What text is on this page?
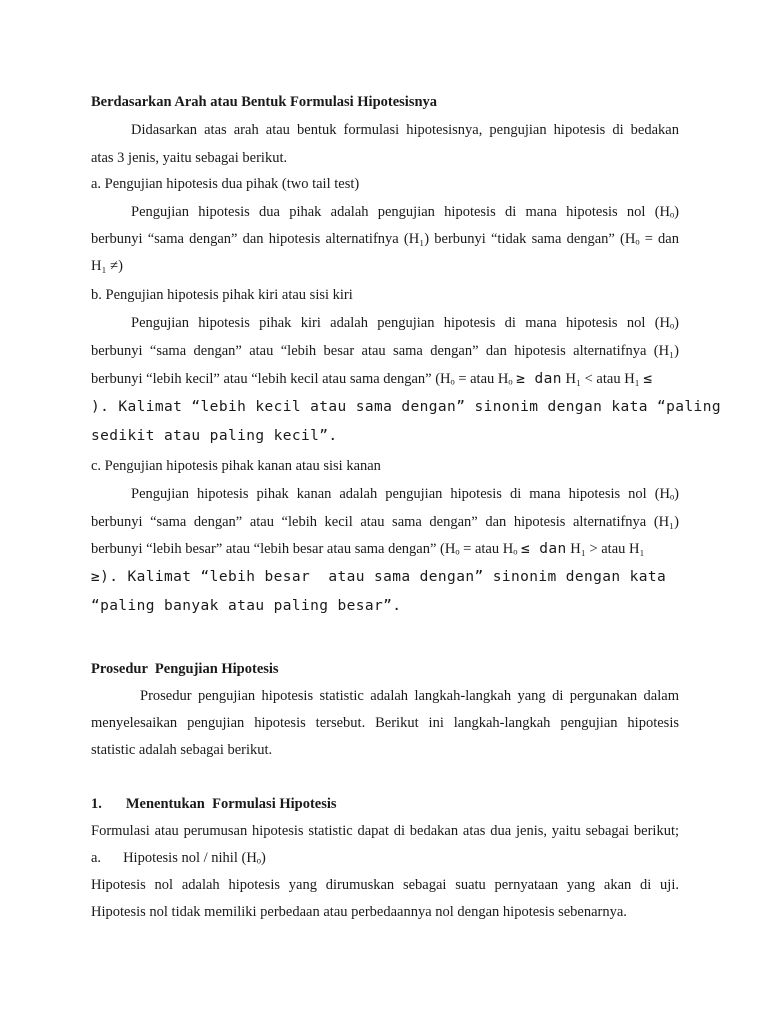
Berdasarkan Arah atau Bentuk Formulasi Hipotesisnya
Didasarkan atas arah atau bentuk formulasi hipotesisnya, pengujian hipotesis di bedakan
atas 3 jenis, yaitu sebagai berikut.
a. Pengujian hipotesis dua pihak (two tail test)
Pengujian hipotesis dua pihak adalah pengujian hipotesis di mana hipotesis nol (Hₒ)
berbunyi “sama dengan” dan hipotesis alternatifnya (H₁) berbunyi “tidak sama dengan” (Hₒ = dan
H₁ ≠)
b. Pengujian hipotesis pihak kiri atau sisi kiri
Pengujian hipotesis pihak kiri adalah pengujian hipotesis di mana hipotesis nol (Hₒ)
berbunyi “sama dengan” atau “lebih besar atau sama dengan” dan hipotesis alternatifnya (H₁)
berbunyi “lebih kecil” atau “lebih kecil atau sama dengan” (Hₒ = atau Hₒ ≥ dan H₁ < atau H₁ ≤
). Kalimat “lebih kecil atau sama dengan” sinonim dengan kata “paling
sedikit atau paling kecil”.
c. Pengujian hipotesis pihak kanan atau sisi kanan
Pengujian hipotesis pihak kanan adalah pengujian hipotesis di mana hipotesis nol (Hₒ)
berbunyi “sama dengan” atau “lebih kecil atau sama dengan” dan hipotesis alternatifnya (H₁)
berbunyi “lebih besar” atau “lebih besar atau sama dengan” (Hₒ = atau Hₒ ≤ dan H₁ > atau H₁
≥). Kalimat “lebih besar  atau sama dengan” sinonim dengan kata
“paling banyak atau paling besar”.
Prosedur  Pengujian Hipotesis
Prosedur pengujian hipotesis statistic adalah langkah-langkah yang di pergunakan dalam
menyelesaikan pengujian hipotesis tersebut. Berikut ini langkah-langkah pengujian hipotesis
statistic adalah sebagai berikut.
1. Menentukan  Formulasi Hipotesis
Formulasi atau perumusan hipotesis statistic dapat di bedakan atas dua jenis, yaitu sebagai berikut;
a. Hipotesis nol / nihil (Hₒ)
Hipotesis nol adalah hipotesis yang dirumuskan sebagai suatu pernyataan yang akan di uji.
Hipotesis nol tidak memiliki perbedaan atau perbedaannya nol dengan hipotesis sebenarnya.
